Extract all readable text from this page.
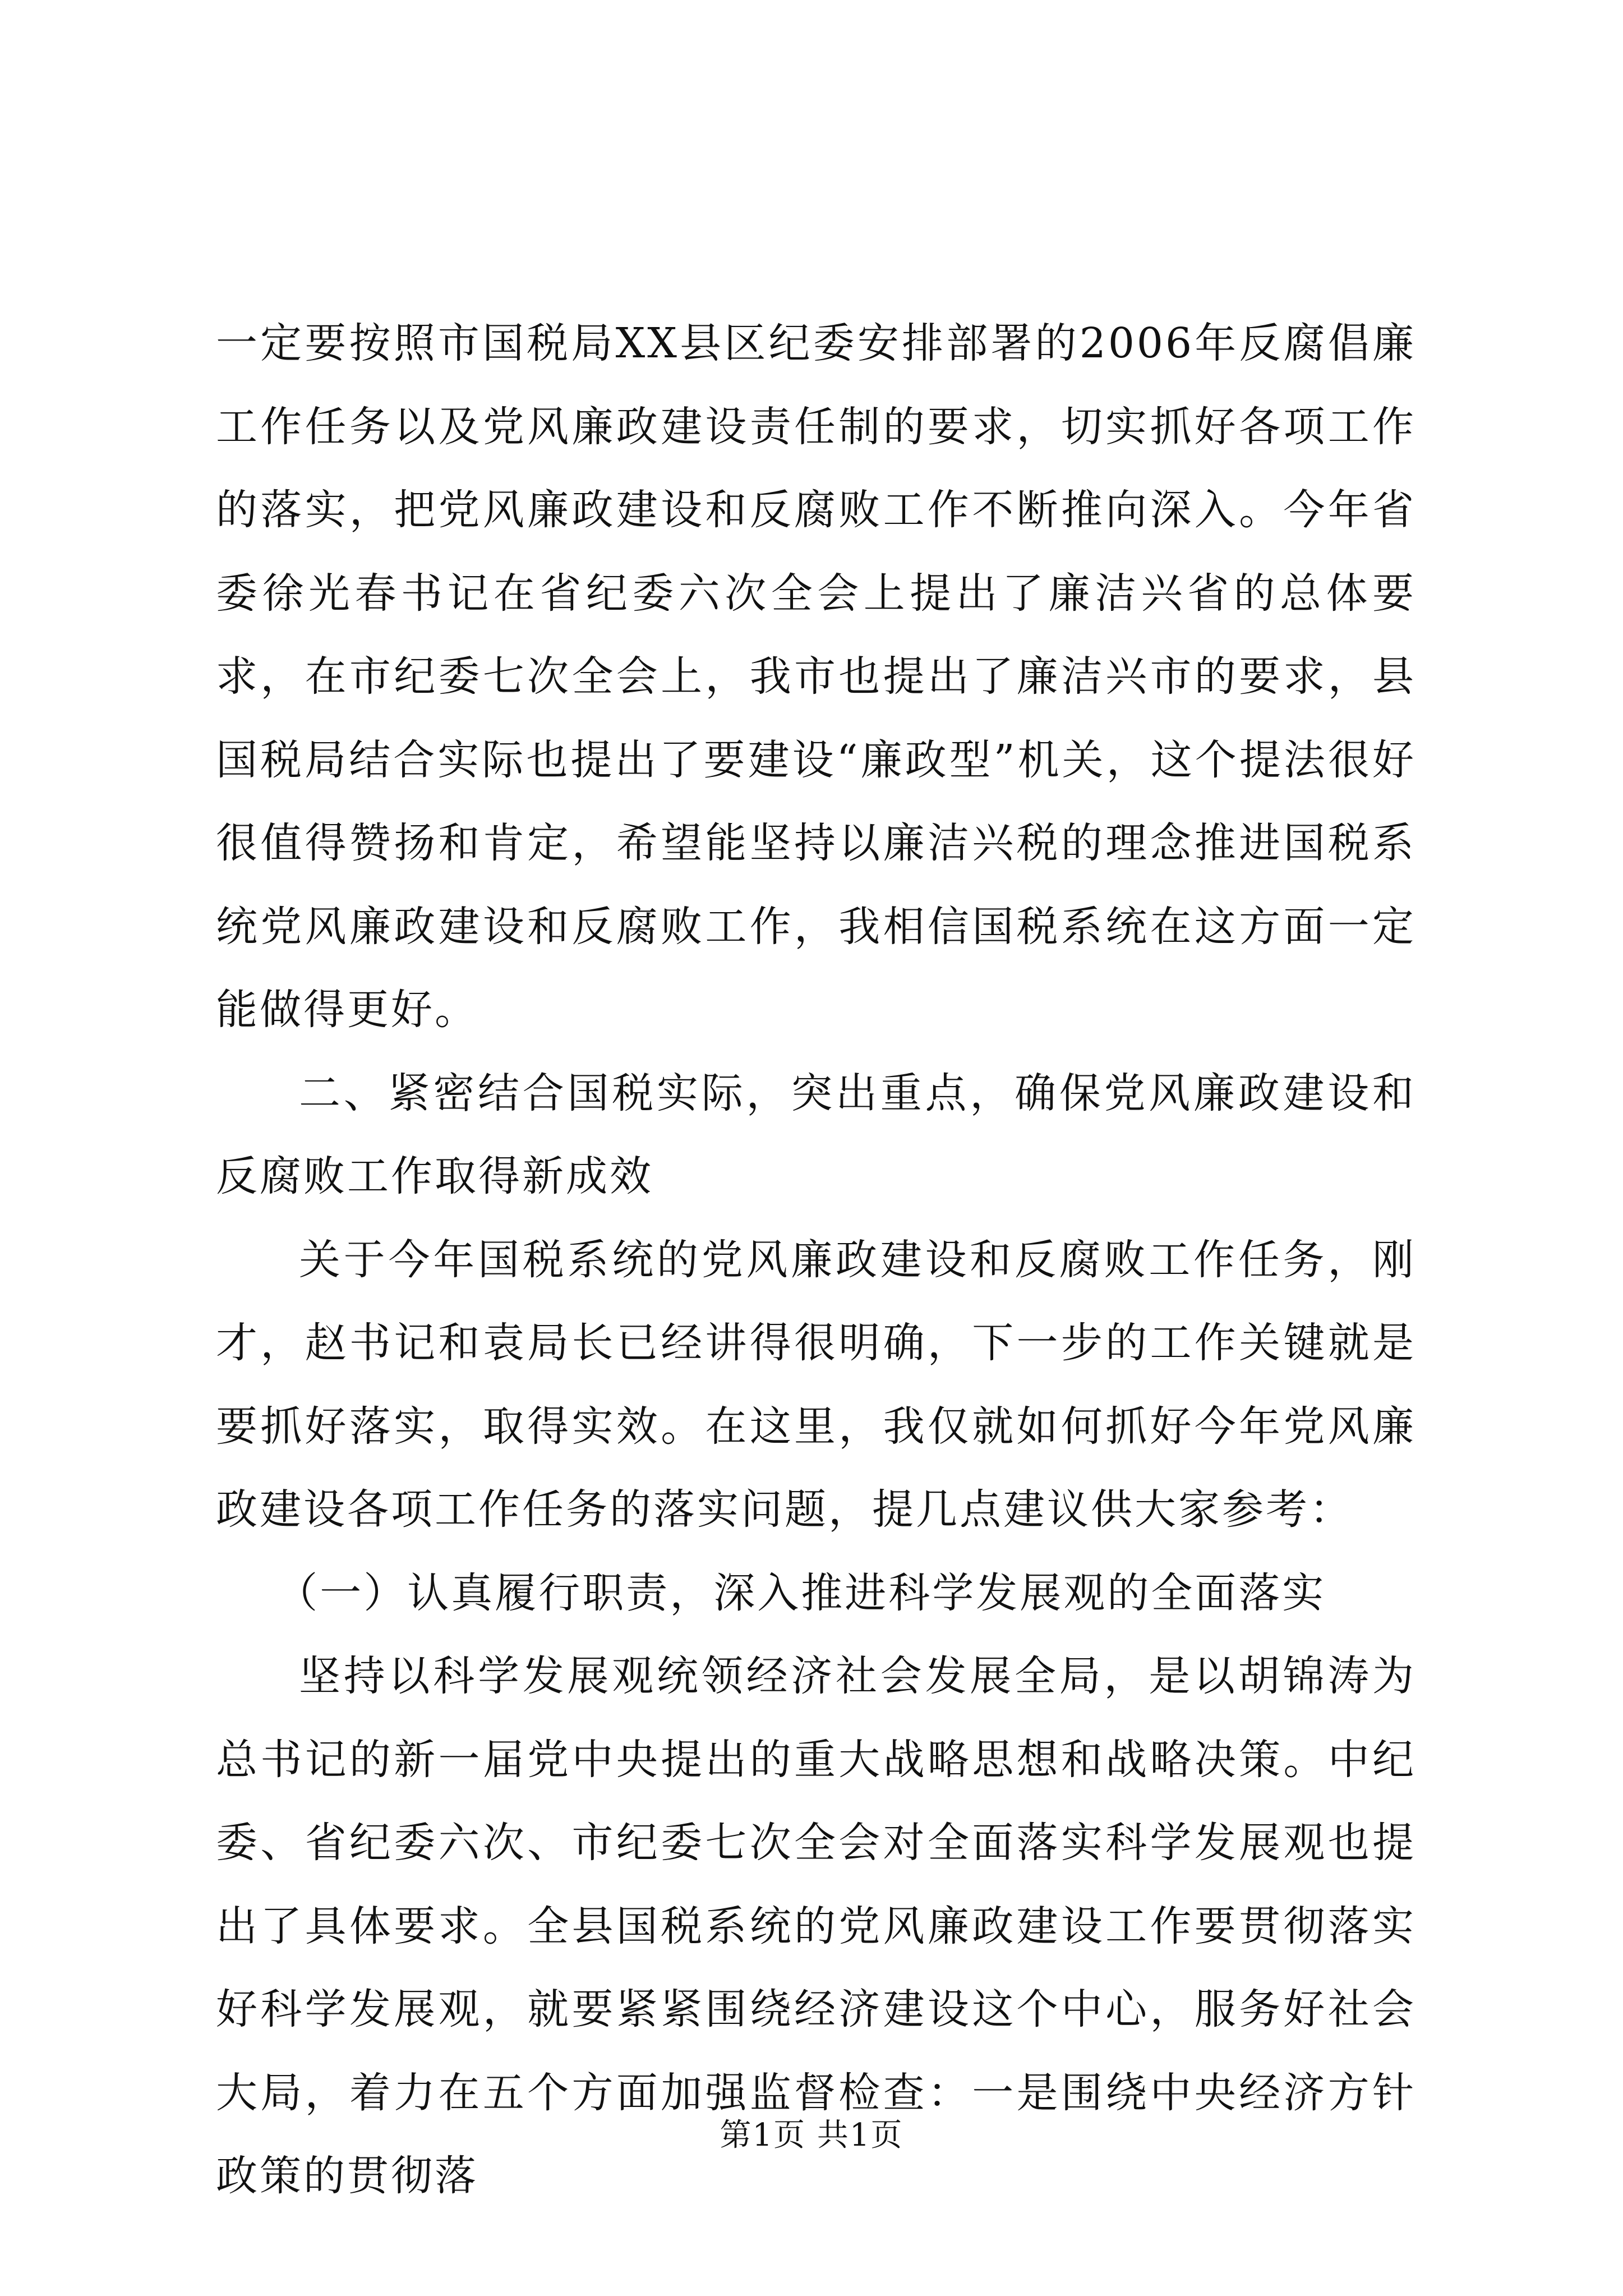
一定要按照市国税局XX县区纪委安排部署的2006年反腐倡廉工作任务以及党风廉政建设责任制的要求，切实抓好各项工作的落实，把党风廉政建设和反腐败工作不断推向深入。今年省委徐光春书记在省纪委六次全会上提出了廉洁兴省的总体要求，在市纪委七次全会上，我市也提出了廉洁兴市的要求，县国税局结合实际也提出了要建设“廉政型”机关，这个提法很好很值得赞扬和肯定，希望能坚持以廉洁兴税的理念推进国税系统党风廉政建设和反腐败工作，我相信国税系统在这方面一定能做得更好。

二、紧密结合国税实际，突出重点，确保党风廉政建设和反腐败工作取得新成效

关于今年国税系统的党风廉政建设和反腐败工作任务，刚才，赵书记和袁局长已经讲得很明确，下一步的工作关键就是要抓好落实，取得实效。在这里，我仅就如何抓好今年党风廉政建设各项工作任务的落实问题，提几点建议供大家参考：

（一）认真履行职责，深入推进科学发展观的全面落实

坚持以科学发展观统领经济社会发展全局，是以胡锦涛为总书记的新一届党中央提出的重大战略思想和战略决策。中纪委、省纪委六次、市纪委七次全会对全面落实科学发展观也提出了具体要求。全县国税系统的党风廉政建设工作要贯彻落实好科学发展观，就要紧紧围绕经济建设这个中心，服务好社会大局，着力在五个方面加强监督检查：一是围绕中央经济方针政策的贯彻落

第1页 共1页
